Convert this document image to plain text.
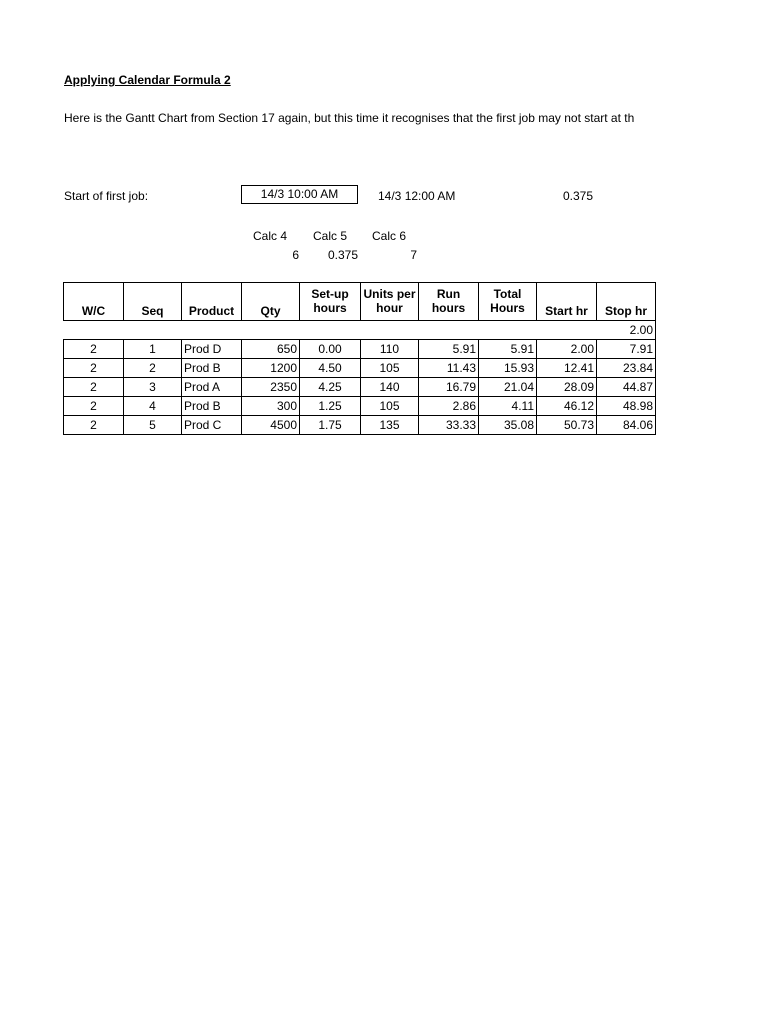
Applying Calendar Formula 2
Here is the Gantt Chart from Section 17 again, but this time it recognises that the first job may not start at th
Start of first job:	14/3 10:00 AM	14/3 12:00 AM	0.375
Calc 4	Calc 5	Calc 6
6	0.375	7
W/C	Seq	Product	Qty	Set-up hours	Units per hour	Run hours	Total Hours	Start hr	Stop hr
									2.00
2	1	Prod D	650	0.00	110	5.91	5.91	2.00	7.91
2	2	Prod B	1200	4.50	105	11.43	15.93	12.41	23.84
2	3	Prod A	2350	4.25	140	16.79	21.04	28.09	44.87
2	4	Prod B	300	1.25	105	2.86	4.11	46.12	48.98
2	5	Prod C	4500	1.75	135	33.33	35.08	50.73	84.06
